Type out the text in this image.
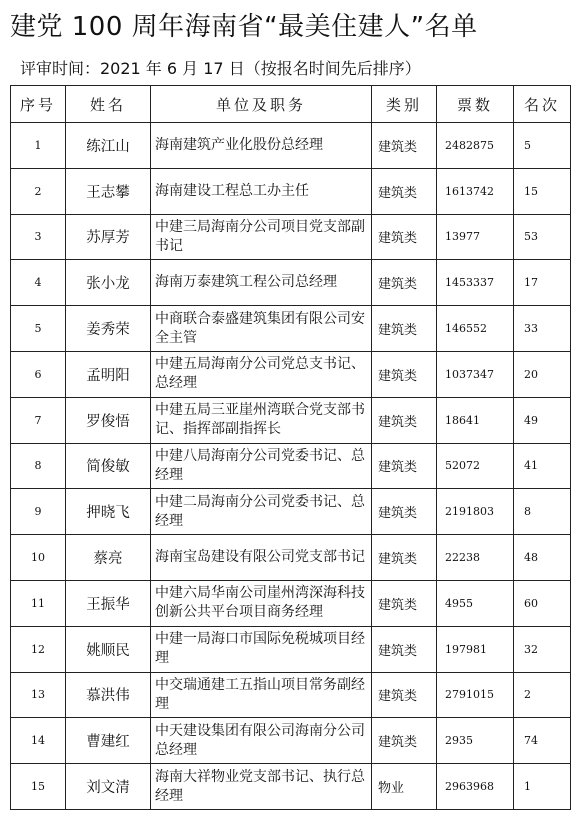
建党 100 周年海南省“最美住建人”名单
评审时间：2021 年 6 月 17 日（按报名时间先后排序）
序号	姓名	单位及职务	类别	票数	名次
1	练江山	海南建筑产业化股份总经理	建筑类	2482875	5
2	王志攀	海南建设工程总工办主任	建筑类	1613742	15
3	苏厚芳	中建三局海南分公司项目党支部副书记	建筑类	13977	53
4	张小龙	海南万泰建筑工程公司总经理	建筑类	1453337	17
5	姜秀荣	中商联合泰盛建筑集团有限公司安全主管	建筑类	146552	33
6	孟明阳	中建五局海南分公司党总支书记、总经理	建筑类	1037347	20
7	罗俊悟	中建五局三亚崖州湾联合党支部书记、指挥部副指挥长	建筑类	18641	49
8	简俊敏	中建八局海南分公司党委书记、总经理	建筑类	52072	41
9	押晓飞	中建二局海南分公司党委书记、总经理	建筑类	2191803	8
10	蔡亮	海南宝岛建设有限公司党支部书记	建筑类	22238	48
11	王振华	中建六局华南公司崖州湾深海科技创新公共平台项目商务经理	建筑类	4955	60
12	姚顺民	中建一局海口市国际免税城项目经理	建筑类	197981	32
13	慕洪伟	中交瑞通建工五指山项目常务副经理	建筑类	2791015	2
14	曹建红	中天建设集团有限公司海南分公司总经理	建筑类	2935	74
15	刘文清	海南大祥物业党支部书记、执行总经理	物业	2963968	1
